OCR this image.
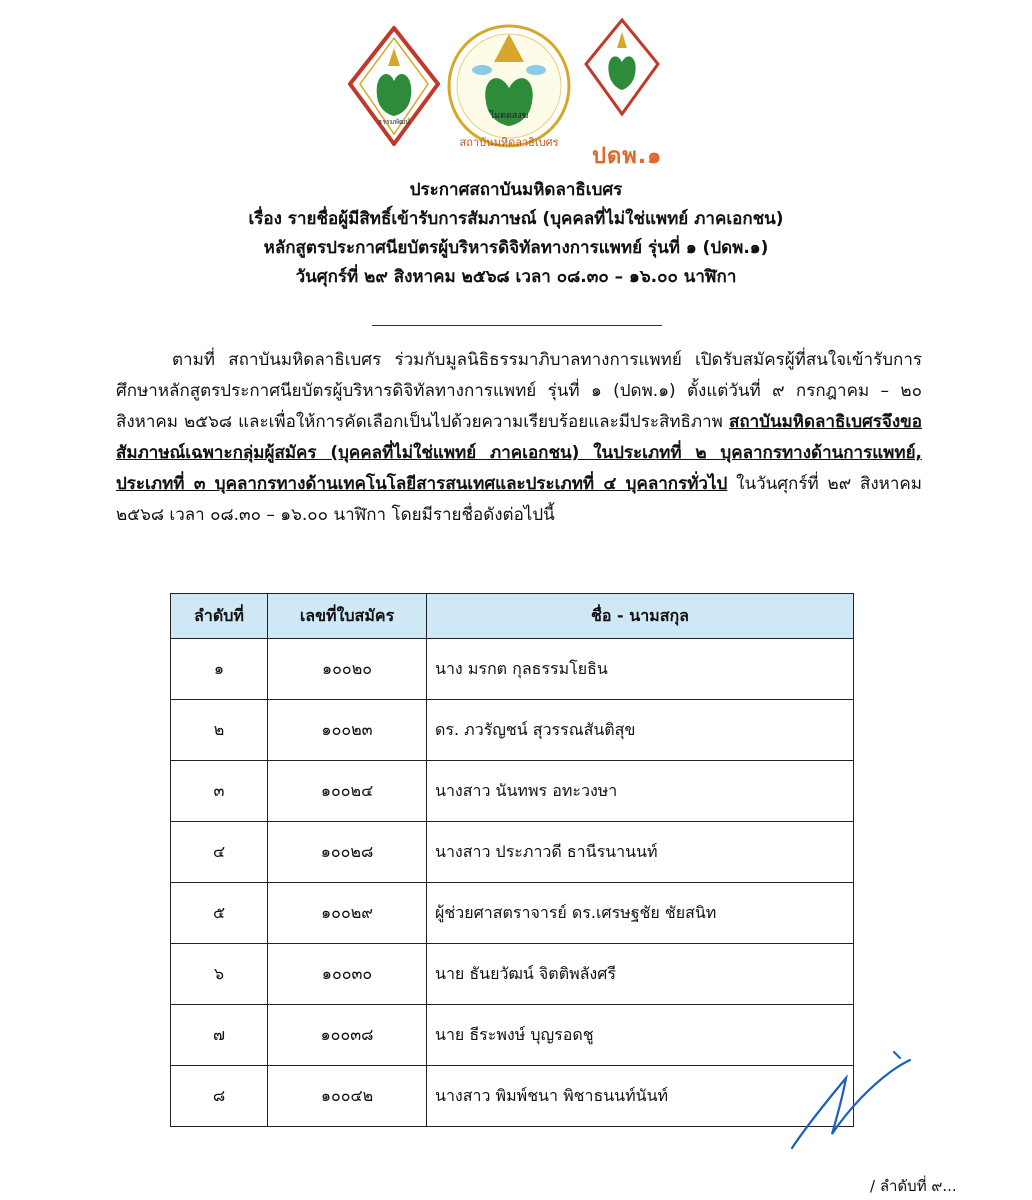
ธรรมพัฒน์
ไมตตสงฆ
สถาบันมหิดลาธิเบศร
ปดพ.๑
ประกาศสถาบันมหิดลาธิเบศร
เรื่อง รายชื่อผู้มีสิทธิ์เข้ารับการสัมภาษณ์ (บุคคลที่ไม่ใช่แพทย์ ภาคเอกชน)
หลักสูตรประกาศนียบัตรผู้บริหารดิจิทัลทางการแพทย์ รุ่นที่ ๑ (ปดพ.๑)
วันศุกร์ที่ ๒๙ สิงหาคม ๒๕๖๘ เวลา ๐๘.๓๐ – ๑๖.๐๐ นาฬิกา

ตามที่ สถาบันมหิดลาธิเบศร ร่วมกับมูลนิธิธรรมาภิบาลทางการแพทย์ เปิดรับสมัครผู้ที่สนใจเข้ารับการศึกษาหลักสูตรประกาศนียบัตรผู้บริหารดิจิทัลทางการแพทย์ รุ่นที่ ๑ (ปดพ.๑) ตั้งแต่วันที่ ๙ กรกฎาคม – ๒๐ สิงหาคม ๒๕๖๘ และเพื่อให้การคัดเลือกเป็นไปด้วยความเรียบร้อยและมีประสิทธิภาพ สถาบันมหิดลาธิเบศรจึงขอสัมภาษณ์เฉพาะกลุ่มผู้สมัคร (บุคคลที่ไม่ใช่แพทย์ ภาคเอกชน) ในประเภทที่ ๒ บุคลากรทางด้านการแพทย์, ประเภทที่ ๓ บุคลากรทางด้านเทคโนโลยีสารสนเทศและประเภทที่ ๔ บุคลากรทั่วไป ในวันศุกร์ที่ ๒๙ สิงหาคม ๒๕๖๘ เวลา ๐๘.๓๐ – ๑๖.๐๐ นาฬิกา โดยมีรายชื่อดังต่อไปนี้

ลำดับที่	เลขที่ใบสมัคร	ชื่อ - นามสกุล
๑	๑๐๐๒๐	นาง มรกต กุลธรรมโยธิน
๒	๑๐๐๒๓	ดร. ภวรัญชน์ สุวรรณสันติสุข
๓	๑๐๐๒๔	นางสาว นันทพร อทะวงษา
๔	๑๐๐๒๘	นางสาว ประภาวดี ธานีรนานนท์
๕	๑๐๐๒๙	ผู้ช่วยศาสตราจารย์ ดร.เศรษฐชัย ชัยสนิท
๖	๑๐๐๓๐	นาย ธันยวัฒน์ จิตติพลังศรี
๗	๑๐๐๓๘	นาย ธีระพงษ์ บุญรอดชู
๘	๑๐๐๔๒	นางสาว พิมพ์ชนา พิชาธนนท์นันท์
/ ลำดับที่ ๙...
